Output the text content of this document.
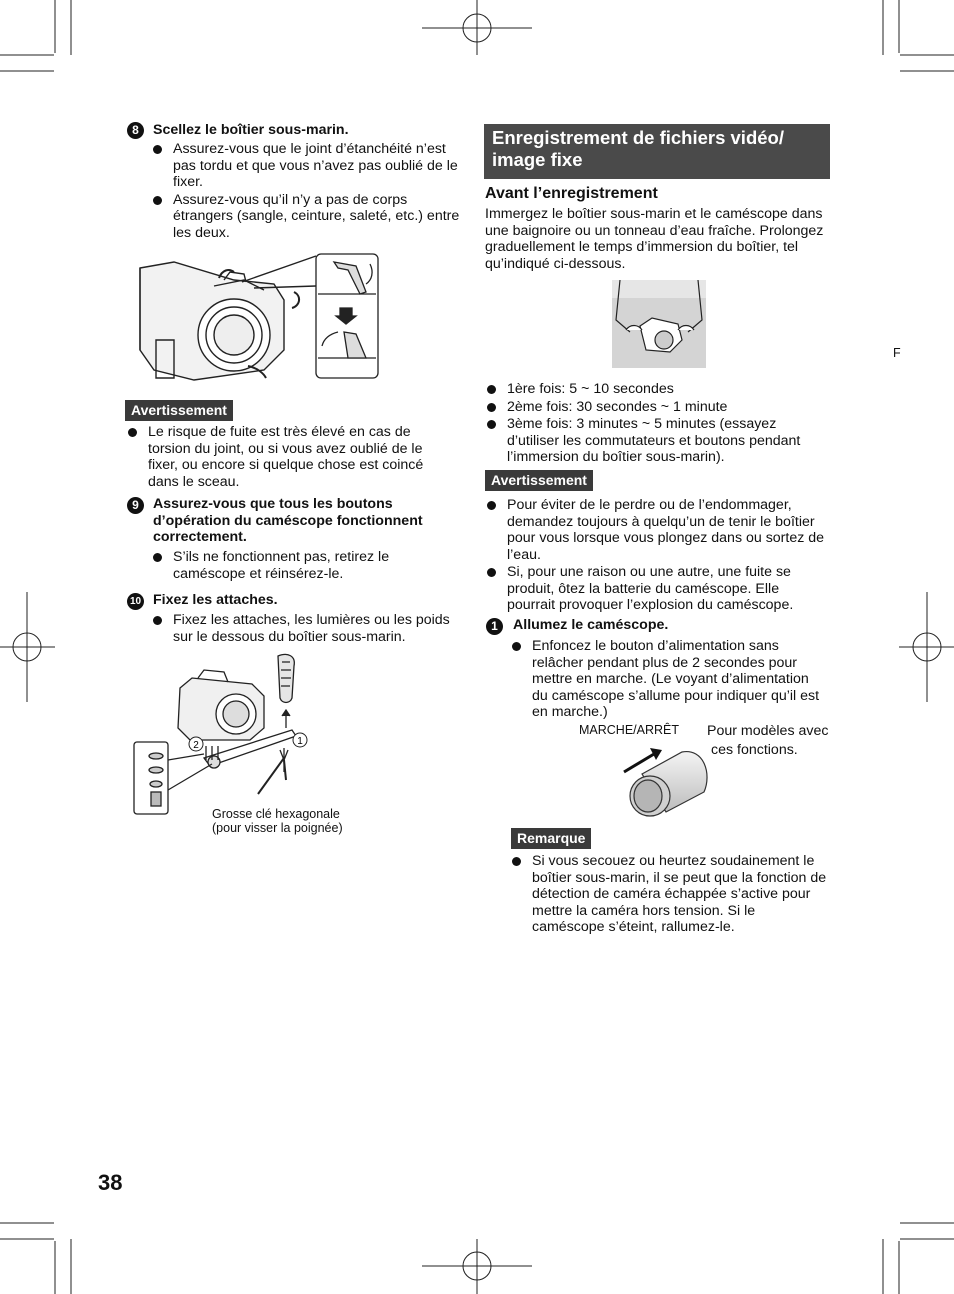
F
8 Scellez le boîtier sous-marin.
Assurez-vous que le joint d’étanchéité n’est pas tordu et que vous n’avez pas oublié de le fixer.
Assurez-vous qu’il n’y a pas de corps étrangers (sangle, ceinture, saleté, etc.) entre les deux.
Avertissement
Le risque de fuite est très élevé en cas de torsion du joint, ou si vous avez oublié de le fixer, ou encore si quelque chose est coincé dans le sceau.
9 Assurez-vous que tous les boutons d’opération du caméscope fonctionnent correctement.
S’ils ne fonctionnent pas, retirez le caméscope et réinsérez-le.
10 Fixez les attaches.
Fixez les attaches, les lumières ou les poids sur le dessous du boîtier sous-marin.
2	1
Grosse clé hexagonale
(pour visser la poignée)
Enregistrement de fichiers vidéo/
image fixe
Avant l’enregistrement
Immergez le boîtier sous-marin et le caméscope dans une baignoire ou un tonneau d’eau fraîche. Prolongez graduellement le temps d’immersion du boîtier, tel qu’indiqué ci-dessous.
1ère fois: 5 ~ 10 secondes
2ème fois: 30 secondes ~ 1 minute
3ème fois: 3 minutes ~ 5 minutes (essayez d’utiliser les commutateurs et boutons pendant l’immersion du boîtier sous-marin).
Avertissement
Pour éviter de le perdre ou de l’endommager, demandez toujours à quelqu’un de tenir le boîtier pour vous lorsque vous plongez dans ou sortez de l’eau.
Si, pour une raison ou une autre, une fuite se produit, ôtez la batterie du caméscope. Elle pourrait provoquer l’explosion du caméscope.
1	Allumez le caméscope.
Enfoncez le bouton d’alimentation sans relâcher pendant plus de 2 secondes pour mettre en marche. (Le voyant d’alimentation du caméscope s’allume pour indiquer qu’il est en marche.)
MARCHE/ARRÊT Pour modèles avec
ces fonctions.
Remarque
Si vous secouez ou heurtez soudainement le boîtier sous-marin, il se peut que la fonction de détection de caméra échappée s’active pour mettre la caméra hors tension. Si le caméscope s’éteint, rallumez-le.
38
